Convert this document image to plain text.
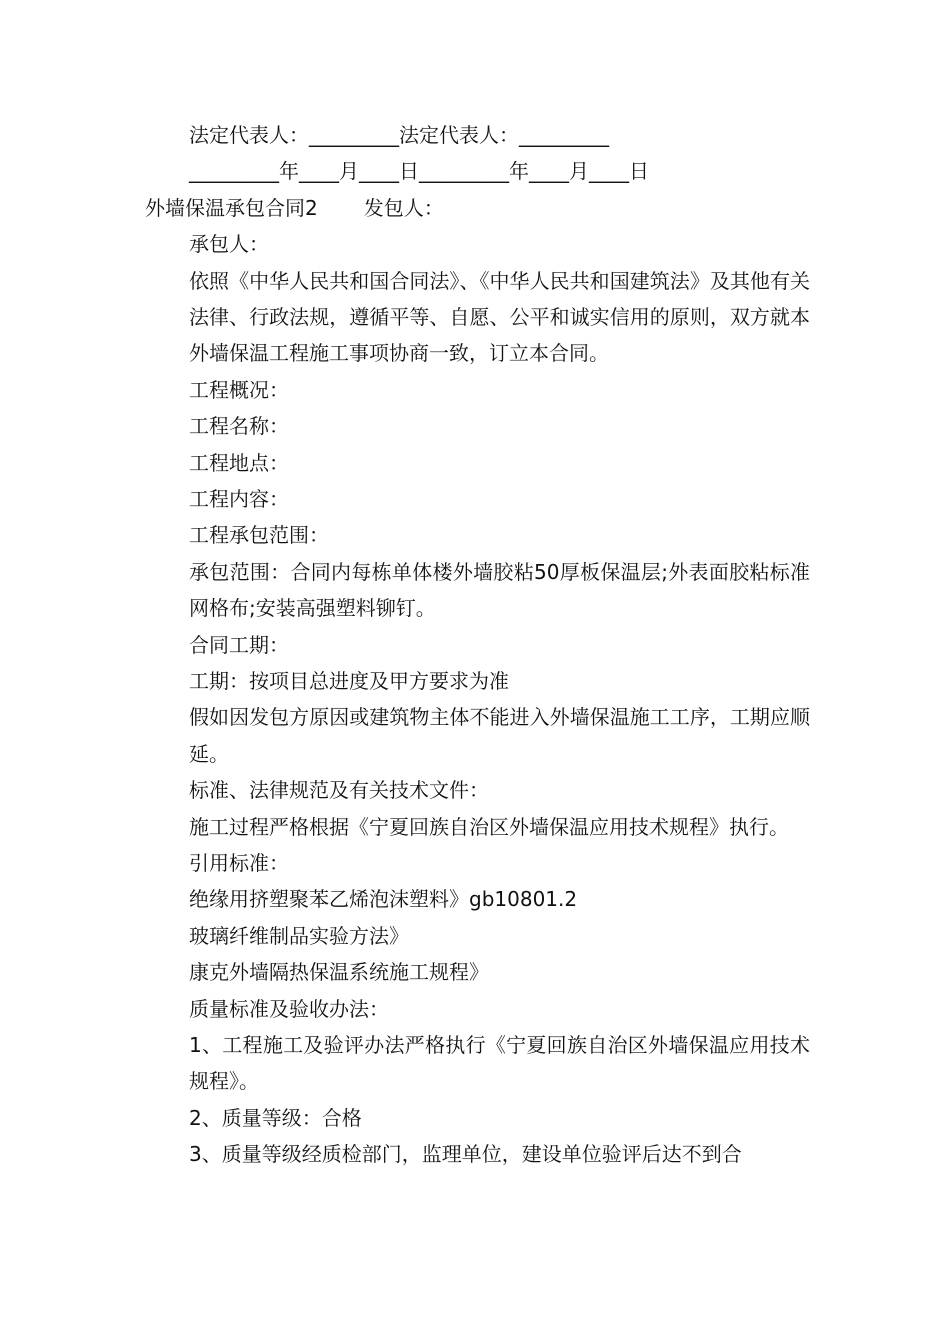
法定代表人：_________法定代表人：_________
_________年____月____日_________年____月____日
外墙保温承包合同2 发包人：
承包人：
依照《中华人民共和国合同法》、《中华人民共和国建筑法》及其他有关法律、行政法规，遵循平等、自愿、公平和诚实信用的原则，双方就本外墙保温工程施工事项协商一致，订立本合同。
工程概况：
工程名称：
工程地点：
工程内容：
工程承包范围：
承包范围：合同内每栋单体楼外墙胶粘50厚板保温层;外表面胶粘标准网格布;安装高强塑料铆钉。
合同工期：
工期：按项目总进度及甲方要求为准
假如因发包方原因或建筑物主体不能进入外墙保温施工工序，工期应顺延。
标准、法律规范及有关技术文件：
施工过程严格根据《宁夏回族自治区外墙保温应用技术规程》执行。
引用标准：
绝缘用挤塑聚苯乙烯泡沫塑料》gb10801.2
玻璃纤维制品实验方法》
康克外墙隔热保温系统施工规程》
质量标准及验收办法：
1、工程施工及验评办法严格执行《宁夏回族自治区外墙保温应用技术规程》。
2、质量等级：合格
3、质量等级经质检部门，监理单位，建设单位验评后达不到合
